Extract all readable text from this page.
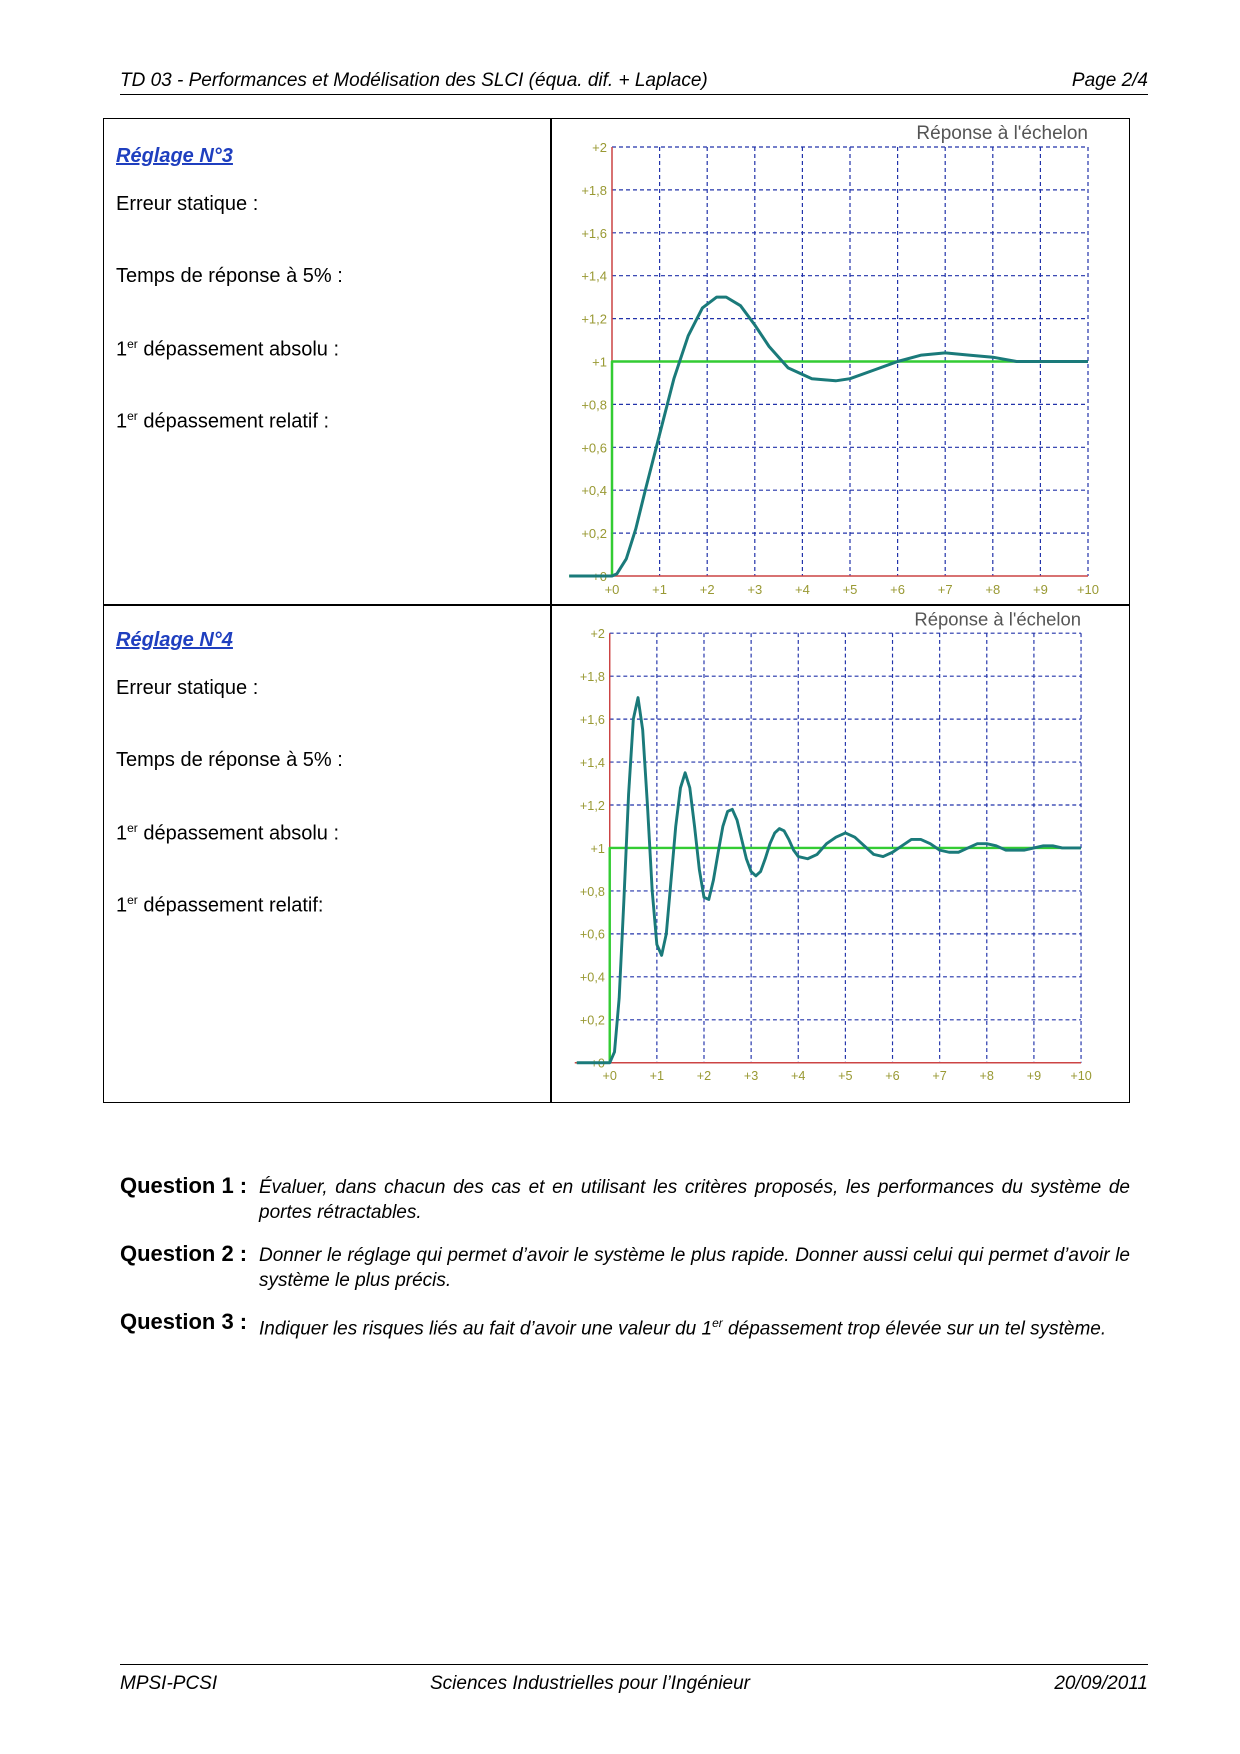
TD 03 - Performances et Modélisation des SLCI (équa. dif. + Laplace)	Page 2/4
Réglage N°3
Erreur statique :
Temps de réponse à 5% :
1er dépassement absolu :
1er dépassement relatif :
Réglage N°4
Erreur statique :
Temps de réponse à 5% :
1er dépassement absolu :
1er dépassement relatif:
Réponse à l'échelon
+0	+1	+2	+3	+4	+5	+6	+7	+8	+9 +10
+0
+0,2
+0,4
+0,6
+0,8
+1
+1,2
+1,4
+1,6
+1,8
+2
Réponse à l'échelon
+0	+1	+2	+3	+4	+5	+6	+7	+8	+9 +10
+0
+0,2
+0,4
+0,6
+0,8
+1
+1,2
+1,4
+1,6
+1,8
+2
Question 1 : Évaluer, dans chacun des cas et en utilisant les critères proposés, les performances du système de portes rétractables.
Question 2 : Donner le réglage qui permet d’avoir le système le plus rapide. Donner aussi celui qui permet d’avoir le système le plus précis.
Question 3 : Indiquer les risques liés au fait d’avoir une valeur du 1er dépassement trop élevée sur un tel système.
MPSI-PCSI	Sciences Industrielles pour l’Ingénieur	20/09/2011
